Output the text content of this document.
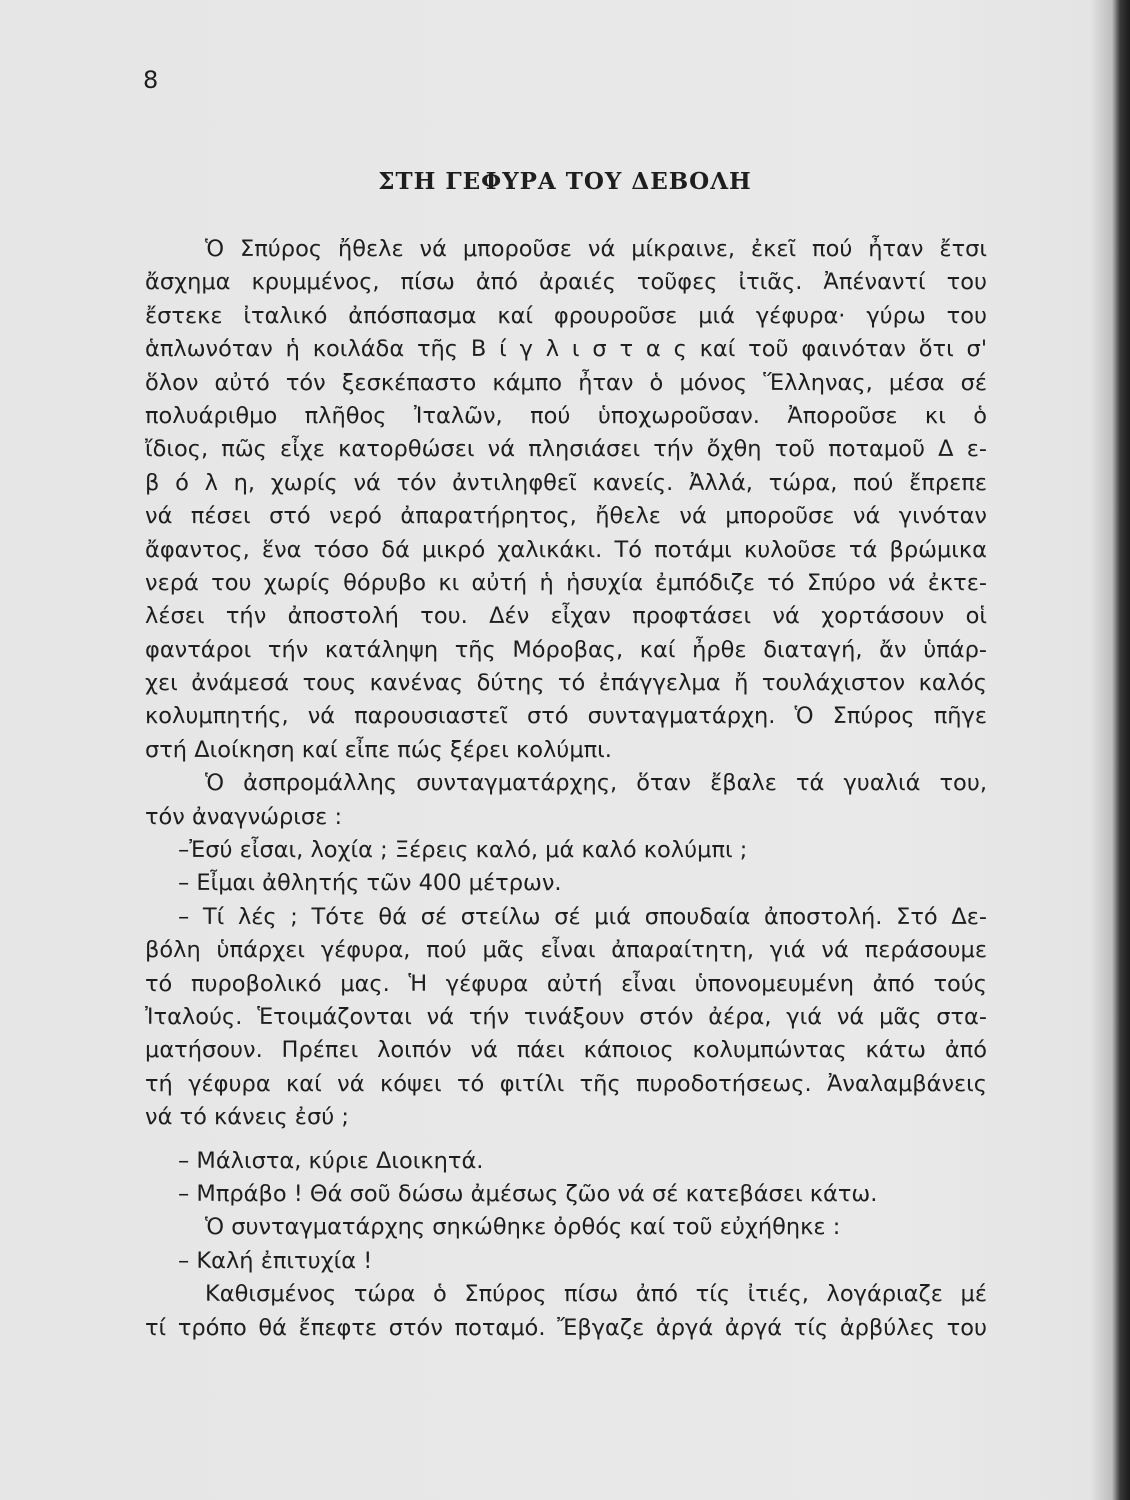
8
ΣΤΗ ΓΕΦΥΡΑ ΤΟΥ ΔΕΒΟΛΗ
Ὁ Σπύρος ἤθελε νά μποροῦσε νά μίκραινε, ἐκεῖ πού ἦταν ἔτσι
ἄσχημα κρυμμένος, πίσω ἀπό ἀραιές τοῦφες ἰτιᾶς. Ἀπέναντί του
ἔστεκε ἰταλικό ἀπόσπασμα καί φρουροῦσε μιά γέφυρα· γύρω του
ἁπλωνόταν ἡ κοιλάδα τῆς Β ί γ λ ι σ τ α ς καί τοῦ φαινόταν ὅτι σ'
ὅλον αὐτό τόν ξεσκέπαστο κάμπο ἦταν ὁ μόνος Ἕλληνας, μέσα σέ
πολυάριθμο πλῆθος Ἰταλῶν, πού ὑποχωροῦσαν. Ἀποροῦσε κι ὁ
ἴδιος, πῶς εἶχε κατορθώσει νά πλησιάσει τήν ὄχθη τοῦ ποταμοῦ Δ ε-
β ό λ η, χωρίς νά τόν ἀντιληφθεῖ κανείς. Ἀλλά, τώρα, πού ἔπρεπε
νά πέσει στό νερό ἀπαρατήρητος, ἤθελε νά μποροῦσε νά γινόταν
ἄφαντος, ἕνα τόσο δά μικρό χαλικάκι. Τό ποτάμι κυλοῦσε τά βρώμικα
νερά του χωρίς θόρυβο κι αὐτή ἡ ἡσυχία ἐμπόδιζε τό Σπύρο νά ἐκτε-
λέσει τήν ἀποστολή του. Δέν εἶχαν προφτάσει νά χορτάσουν οἱ
φαντάροι τήν κατάληψη τῆς Μόροβας, καί ἦρθε διαταγή, ἄν ὑπάρ-
χει ἀνάμεσά τους κανένας δύτης τό ἐπάγγελμα ἤ τουλάχιστον καλός
κολυμπητής, νά παρουσιαστεῖ στό συνταγματάρχη. Ὁ Σπύρος πῆγε
στή Διοίκηση καί εἶπε πώς ξέρει κολύμπι.
Ὁ ἀσπρομάλλης συνταγματάρχης, ὅταν ἔβαλε τά γυαλιά του,
τόν ἀναγνώρισε :
–Ἐσύ εἶσαι, λοχία ; Ξέρεις καλό, μά καλό κολύμπι ;
– Εἶμαι ἀθλητής τῶν 400 μέτρων.
– Τί λές ; Τότε θά σέ στείλω σέ μιά σπουδαία ἀποστολή. Στό Δε-
βόλη ὑπάρχει γέφυρα, πού μᾶς εἶναι ἀπαραίτητη, γιά νά περάσουμε
τό πυροβολικό μας. Ἡ γέφυρα αὐτή εἶναι ὑπονομευμένη ἀπό τούς
Ἰταλούς. Ἑτοιμάζονται νά τήν τινάξουν στόν ἀέρα, γιά νά μᾶς στα-
ματήσουν. Πρέπει λοιπόν νά πάει κάποιος κολυμπώντας κάτω ἀπό
τή γέφυρα καί νά κόψει τό φιτίλι τῆς πυροδοτήσεως. Ἀναλαμβάνεις
νά τό κάνεις ἐσύ ;
– Μάλιστα, κύριε Διοικητά.
– Μπράβο ! Θά σοῦ δώσω ἀμέσως ζῶο νά σέ κατεβάσει κάτω.
Ὁ συνταγματάρχης σηκώθηκε ὀρθός καί τοῦ εὐχήθηκε :
– Καλή ἐπιτυχία !
Καθισμένος τώρα ὁ Σπύρος πίσω ἀπό τίς ἰτιές, λογάριαζε μέ
τί τρόπο θά ἔπεφτε στόν ποταμό. Ἔβγαζε ἀργά ἀργά τίς ἀρβύλες του
